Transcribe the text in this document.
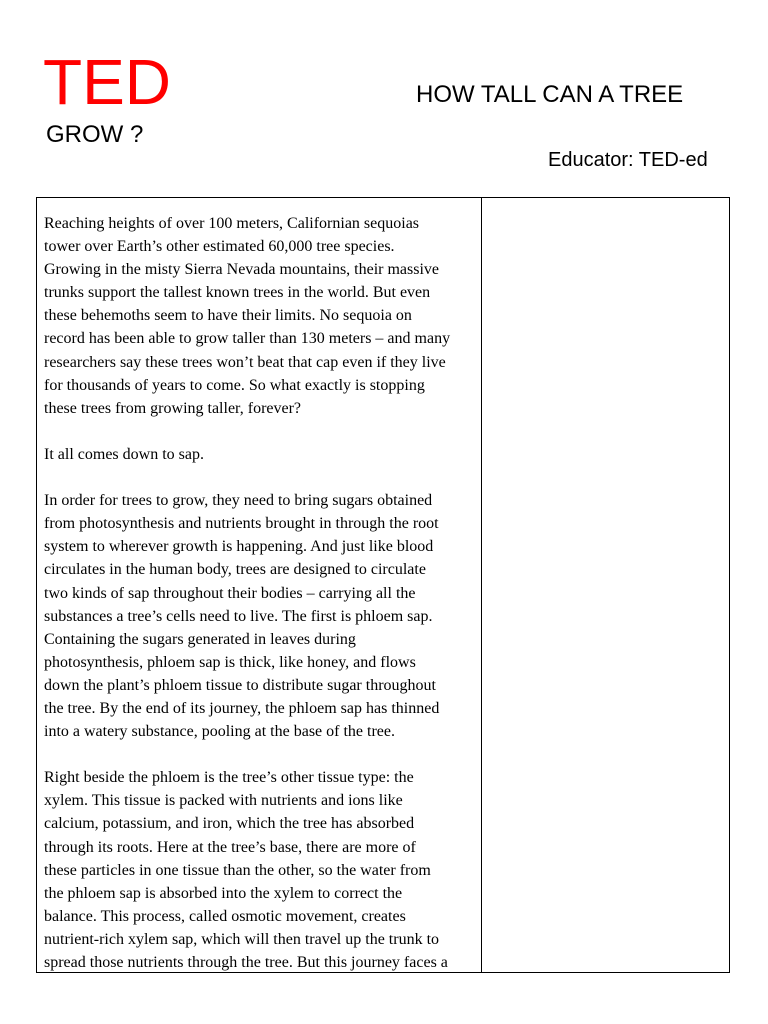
TED	HOW TALL CAN A TREE
GROW ?
Educator: TED-ed

Reaching heights of over 100 meters, Californian sequoias
tower over Earth’s other estimated 60,000 tree species.
Growing in the misty Sierra Nevada mountains, their massive
trunks support the tallest known trees in the world. But even
these behemoths seem to have their limits. No sequoia on
record has been able to grow taller than 130 meters – and many
researchers say these trees won’t beat that cap even if they live
for thousands of years to come. So what exactly is stopping
these trees from growing taller, forever?

It all comes down to sap.

In order for trees to grow, they need to bring sugars obtained
from photosynthesis and nutrients brought in through the root
system to wherever growth is happening. And just like blood
circulates in the human body, trees are designed to circulate
two kinds of sap throughout their bodies – carrying all the
substances a tree’s cells need to live. The first is phloem sap.
Containing the sugars generated in leaves during
photosynthesis, phloem sap is thick, like honey, and flows
down the plant’s phloem tissue to distribute sugar throughout
the tree. By the end of its journey, the phloem sap has thinned
into a watery substance, pooling at the base of the tree.

Right beside the phloem is the tree’s other tissue type: the
xylem. This tissue is packed with nutrients and ions like
calcium, potassium, and iron, which the tree has absorbed
through its roots. Here at the tree’s base, there are more of
these particles in one tissue than the other, so the water from
the phloem sap is absorbed into the xylem to correct the
balance. This process, called osmotic movement, creates
nutrient-rich xylem sap, which will then travel up the trunk to
spread those nutrients through the tree. But this journey faces a
